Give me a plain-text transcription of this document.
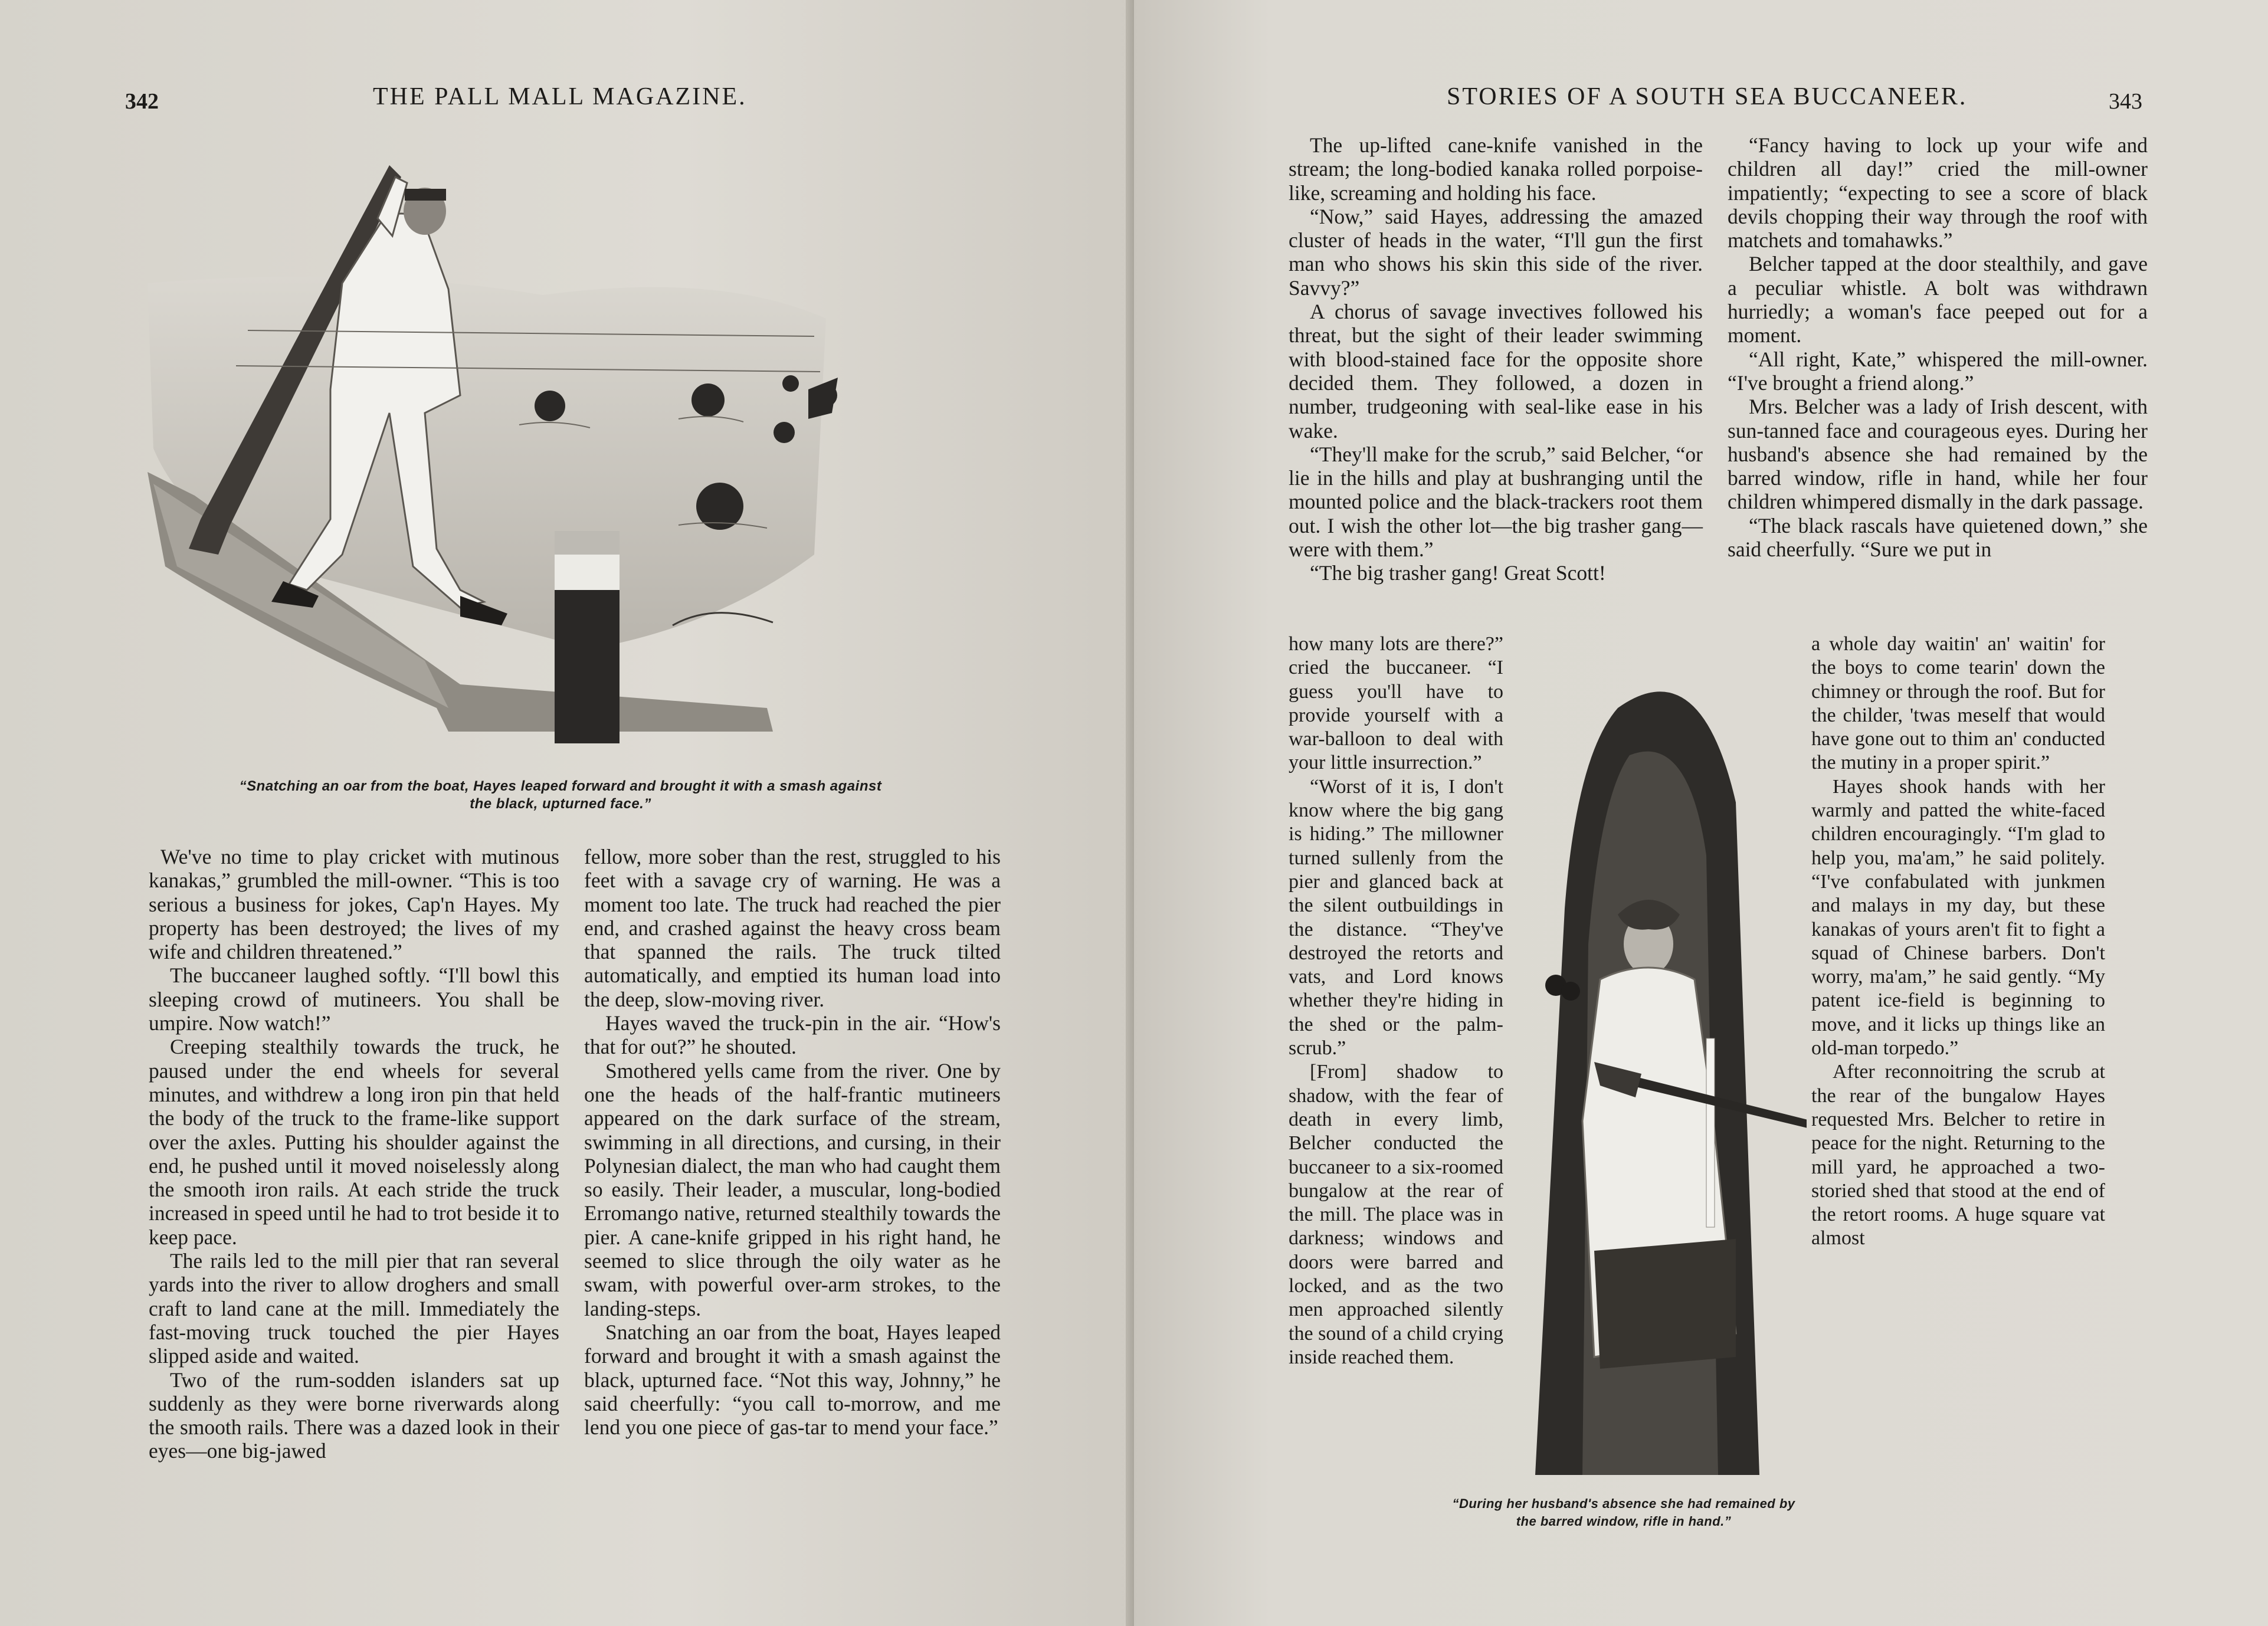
342	THE PALL MALL MAGAZINE.
“Snatching an oar from the boat, Hayes leaped forward and brought it with a smash against
the black, upturned face.”

We've no time to play cricket with mutinous kanakas,” grumbled the mill-owner. “This is too serious a business for jokes, Cap'n Hayes. My property has been destroyed; the lives of my wife and children threatened.”

The buccaneer laughed softly. “I'll bowl this sleeping crowd of mutineers. You shall be umpire. Now watch!”

Creeping stealthily towards the truck, he paused under the end wheels for several minutes, and withdrew a long iron pin that held the body of the truck to the frame-like support over the axles. Putting his shoulder against the end, he pushed until it moved noiselessly along the smooth iron rails. At each stride the truck increased in speed until he had to trot beside it to keep pace.

The rails led to the mill pier that ran several yards into the river to allow droghers and small craft to land cane at the mill. Immediately the fast-moving truck touched the pier Hayes slipped aside and waited.

Two of the rum-sodden islanders sat up suddenly as they were borne riverwards along the smooth rails. There was a dazed look in their eyes—one big-jawed

fellow, more sober than the rest, struggled to his feet with a savage cry of warning. He was a moment too late. The truck had reached the pier end, and crashed against the heavy cross beam that spanned the rails. The truck tilted automatically, and emptied its human load into the deep, slow-moving river.

Hayes waved the truck-pin in the air. “How's that for out?” he shouted.

Smothered yells came from the river. One by one the heads of the half-frantic mutineers appeared on the dark surface of the stream, swimming in all directions, and cursing, in their Polynesian dialect, the man who had caught them so easily. Their leader, a muscular, long-bodied Erromango native, returned stealthily towards the pier. A cane-knife gripped in his right hand, he seemed to slice through the oily water as he swam, with powerful over-arm strokes, to the landing-steps.

Snatching an oar from the boat, Hayes leaped forward and brought it with a smash against the black, upturned face. “Not this way, Johnny,” he said cheerfully: “you call to-morrow, and me lend you one piece of gas-tar to mend your face.”

STORIES OF A SOUTH SEA BUCCANEER.	343

The up-lifted cane-knife vanished in the stream; the long-bodied kanaka rolled porpoise-like, screaming and holding his face.

“Now,” said Hayes, addressing the amazed cluster of heads in the water, “I'll gun the first man who shows his skin this side of the river. Savvy?”

A chorus of savage invectives followed his threat, but the sight of their leader swimming with blood-stained face for the opposite shore decided them. They followed, a dozen in number, trudgeoning with seal-like ease in his wake.

“They'll make for the scrub,” said Belcher, “or lie in the hills and play at bushranging until the mounted police and the black-trackers root them out. I wish the other lot—the big trasher gang—were with them.”

“The big trasher gang! Great Scott!

how many lots are there?” cried the buccaneer. “I guess you'll have to provide yourself with a war-balloon to deal with your little insurrection.”

“Worst of it is, I don't know where the big gang is hiding.” The millowner turned sullenly from the pier and glanced back at the silent outbuildings in the distance. “They've destroyed the retorts and vats, and Lord knows whether they're hiding in the shed or the palm-scrub.”

[From] shadow to shadow, with the fear of death in every limb, Belcher conducted the buccaneer to a six-roomed bungalow at the rear of the mill. The place was in darkness; windows and doors were barred and locked, and as the two men approached silently the sound of a child crying inside reached them.

“Fancy having to lock up your wife and children all day!” cried the mill-owner impatiently; “expecting to see a score of black devils chopping their way through the roof with matchets and tomahawks.”

Belcher tapped at the door stealthily, and gave a peculiar whistle. A bolt was withdrawn hurriedly; a woman's face peeped out for a moment.

“All right, Kate,” whispered the mill-owner. “I've brought a friend along.”

Mrs. Belcher was a lady of Irish descent, with sun-tanned face and courageous eyes. During her husband's absence she had remained by the barred window, rifle in hand, while her four children whimpered dismally in the dark passage.

“The black rascals have quietened down,” she said cheerfully. “Sure we put in

a whole day waitin' an' waitin' for the boys to come tearin' down the chimney or through the roof. But for the childer, 'twas meself that would have gone out to thim an' conducted the mutiny in a proper spirit.”

Hayes shook hands with her warmly and patted the white-faced children encouragingly. “I'm glad to help you, ma'am,” he said politely. “I've confabulated with junkmen and malays in my day, but these kanakas of yours aren't fit to fight a squad of Chinese barbers. Don't worry, ma'am,” he said gently. “My patent ice-field is beginning to move, and it licks up things like an old-man torpedo.”

After reconnoitring the scrub at the rear of the bungalow Hayes requested Mrs. Belcher to retire in peace for the night. Returning to the mill yard, he approached a two-storied shed that stood at the end of the retort rooms. A huge square vat almost

“During her husband's absence she had remained by
the barred window, rifle in hand.”
